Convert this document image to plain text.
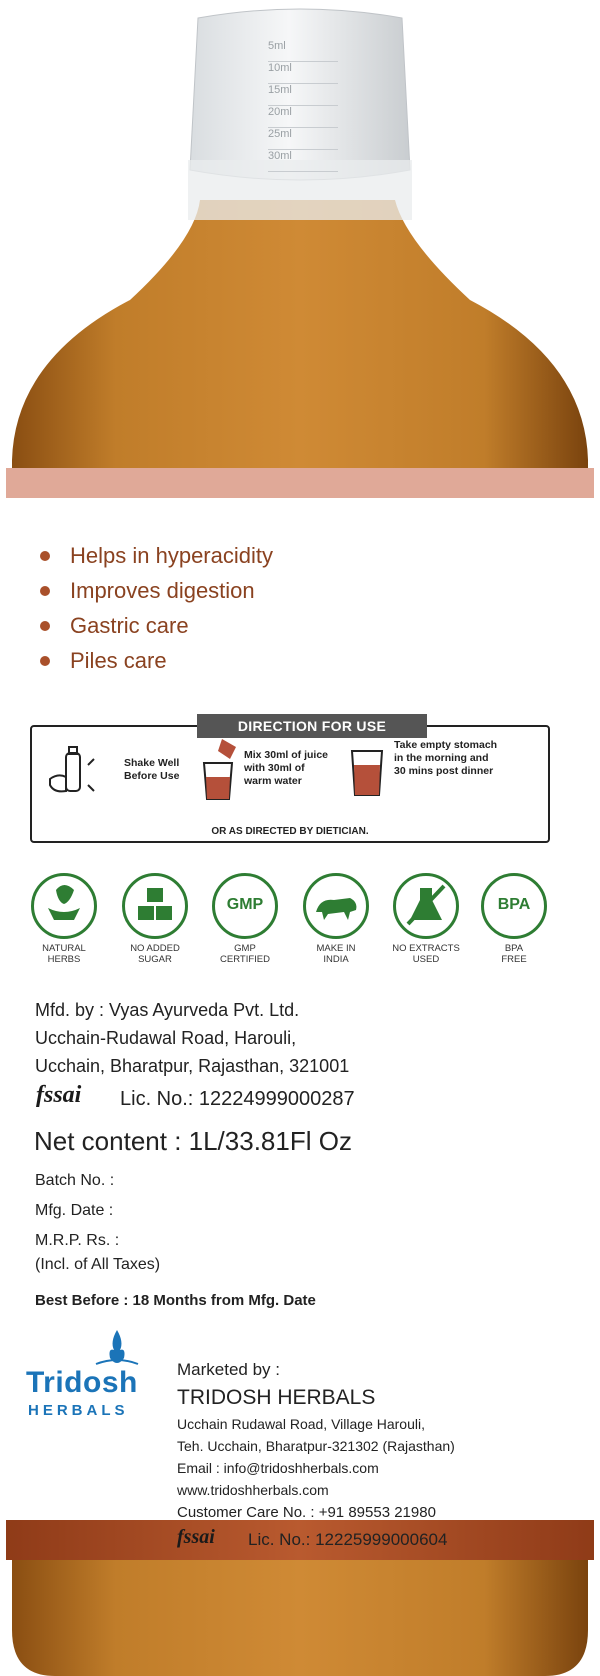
5ml
10ml
15ml
20ml
25ml
30ml
Helps in hyperacidity
Improves digestion
Gastric care
Piles care
DIRECTION FOR USE
Shake Well
Before Use
Mix 30ml of juice
with 30ml of
warm water
Take empty stomach
in the morning and
30 mins post dinner
OR AS DIRECTED BY DIETICIAN.
NATURAL
HERBS
NO ADDED
SUGAR
GMP
GMP
CERTIFIED
MAKE IN
INDIA
NO EXTRACTS
USED
BPA
BPA
FREE
Mfd. by : Vyas Ayurveda Pvt. Ltd.
Ucchain-Rudawal Road, Harouli,
Ucchain, Bharatpur, Rajasthan, 321001
fssai Lic. No.: 12224999000287
Net content : 1L/33.81Fl Oz
Batch No. :
Mfg. Date :
M.R.P. Rs. :
(Incl. of All Taxes)
Best Before : 18 Months from Mfg. Date
Tridosh
HERBALS
Marketed by :
TRIDOSH HERBALS
Ucchain Rudawal Road, Village Harouli,
Teh. Ucchain, Bharatpur-321302 (Rajasthan)
Email : info@tridoshherbals.com
www.tridoshherbals.com
Customer Care No. : +91 89553 21980
fssai Lic. No.: 12225999000604
